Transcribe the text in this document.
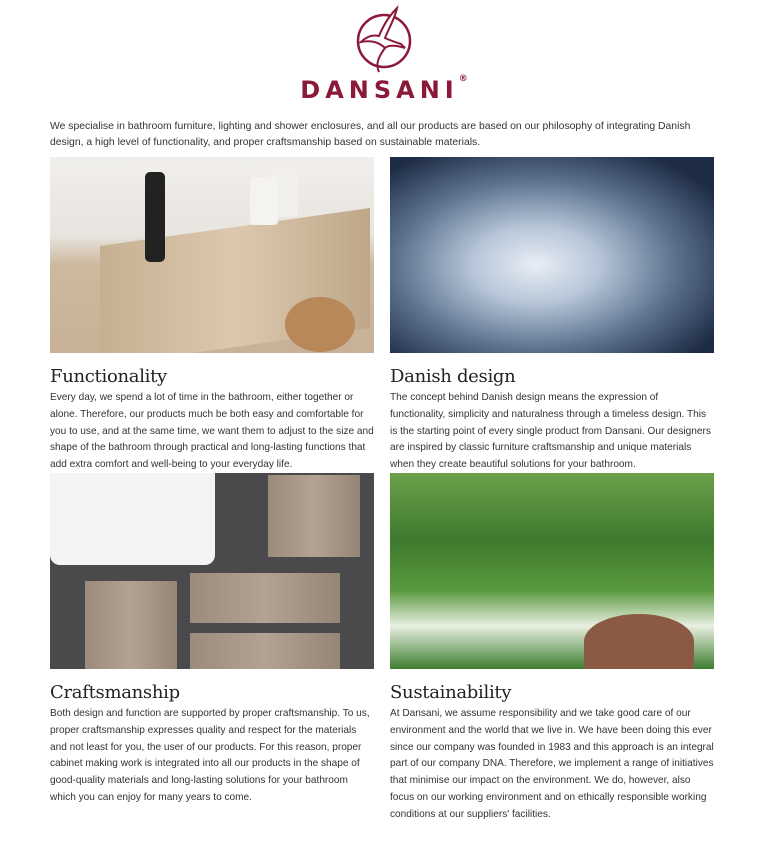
DANSANI®

We specialise in bathroom furniture, lighting and shower enclosures, and all our products are based on our philosophy of integrating Danish design, a high level of functionality, and proper craftsmanship based on sustainable materials.

Functionality

Every day, we spend a lot of time in the bathroom, either together or alone. Therefore, our products much be both easy and comfortable for you to use, and at the same time, we want them to adjust to the size and shape of the bathroom through practical and long-lasting functions that add extra comfort and well-being to your everyday life.

Danish design

The concept behind Danish design means the expression of functionality, simplicity and naturalness through a timeless design. This is the starting point of every single product from Dansani. Our designers are inspired by classic furniture craftsmanship and unique materials when they create beautiful solutions for your bathroom.

Craftsmanship

Both design and function are supported by proper craftsmanship. To us, proper craftsmanship expresses quality and respect for the materials and not least for you, the user of our products. For this reason, proper cabinet making work is integrated into all our products in the shape of good-quality materials and long-lasting solutions for your bathroom which you can enjoy for many years to come.

Sustainability

At Dansani, we assume responsibility and we take good care of our environment and the world that we live in. We have been doing this ever since our company was founded in 1983 and this approach is an integral part of our company DNA. Therefore, we implement a range of initiatives that minimise our impact on the environment. We do, however, also focus on our working environment and on ethically responsible working conditions at our suppliers' facilities.
